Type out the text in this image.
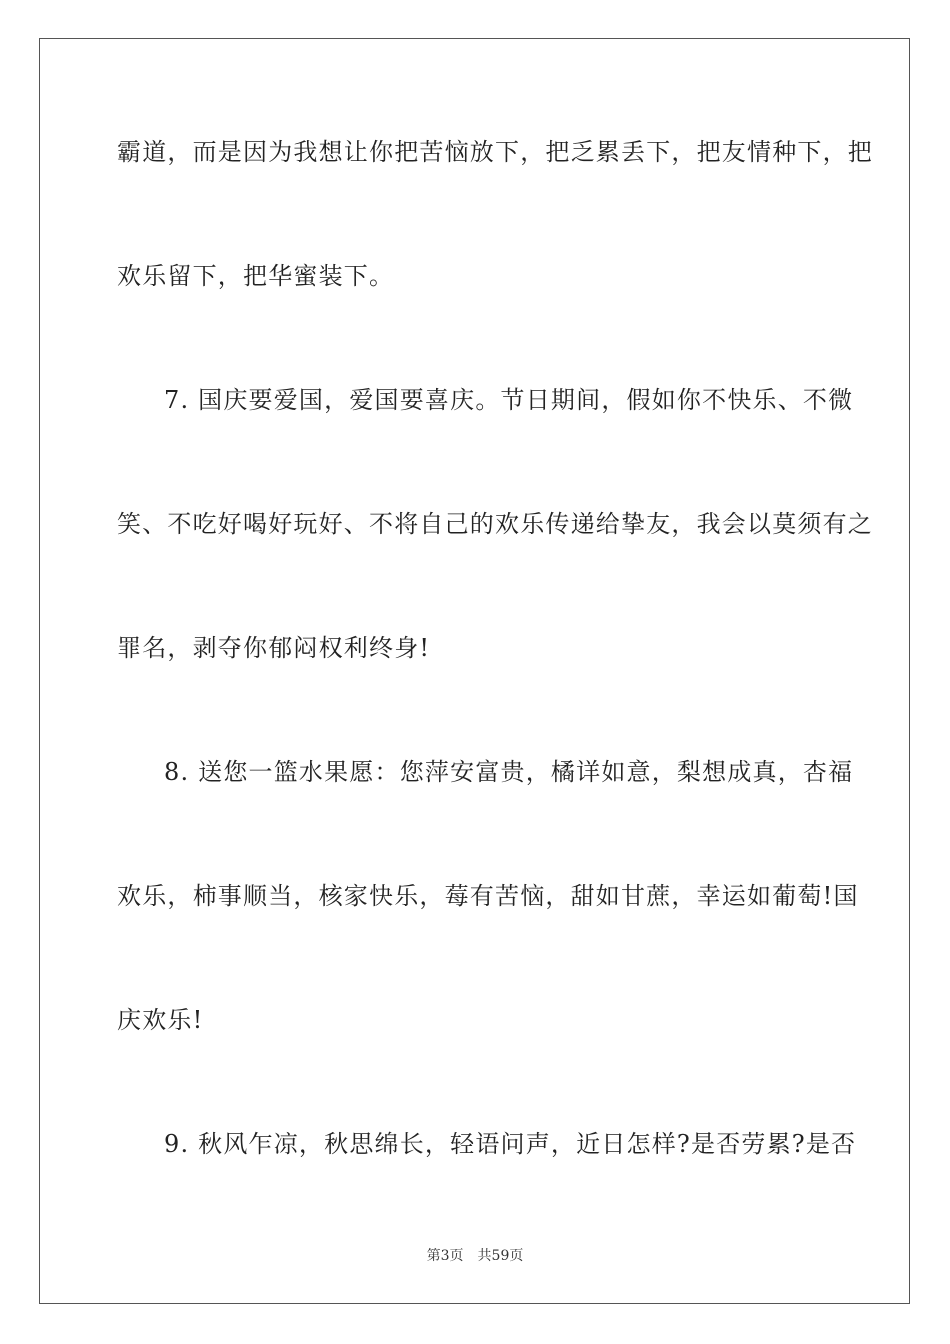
霸道，而是因为我想让你把苦恼放下，把乏累丢下，把友情种下，把
欢乐留下，把华蜜装下。
7. 国庆要爱国，爱国要喜庆。节日期间，假如你不快乐、不微
笑、不吃好喝好玩好、不将自己的欢乐传递给挚友，我会以莫须有之
罪名，剥夺你郁闷权利终身!
8. 送您一篮水果愿：您萍安富贵，橘详如意，梨想成真，杏福
欢乐，柿事顺当，核家快乐，莓有苦恼，甜如甘蔗，幸运如葡萄!国
庆欢乐!
9. 秋风乍凉，秋思绵长，轻语问声，近日怎样?是否劳累?是否
第3页 共59页
